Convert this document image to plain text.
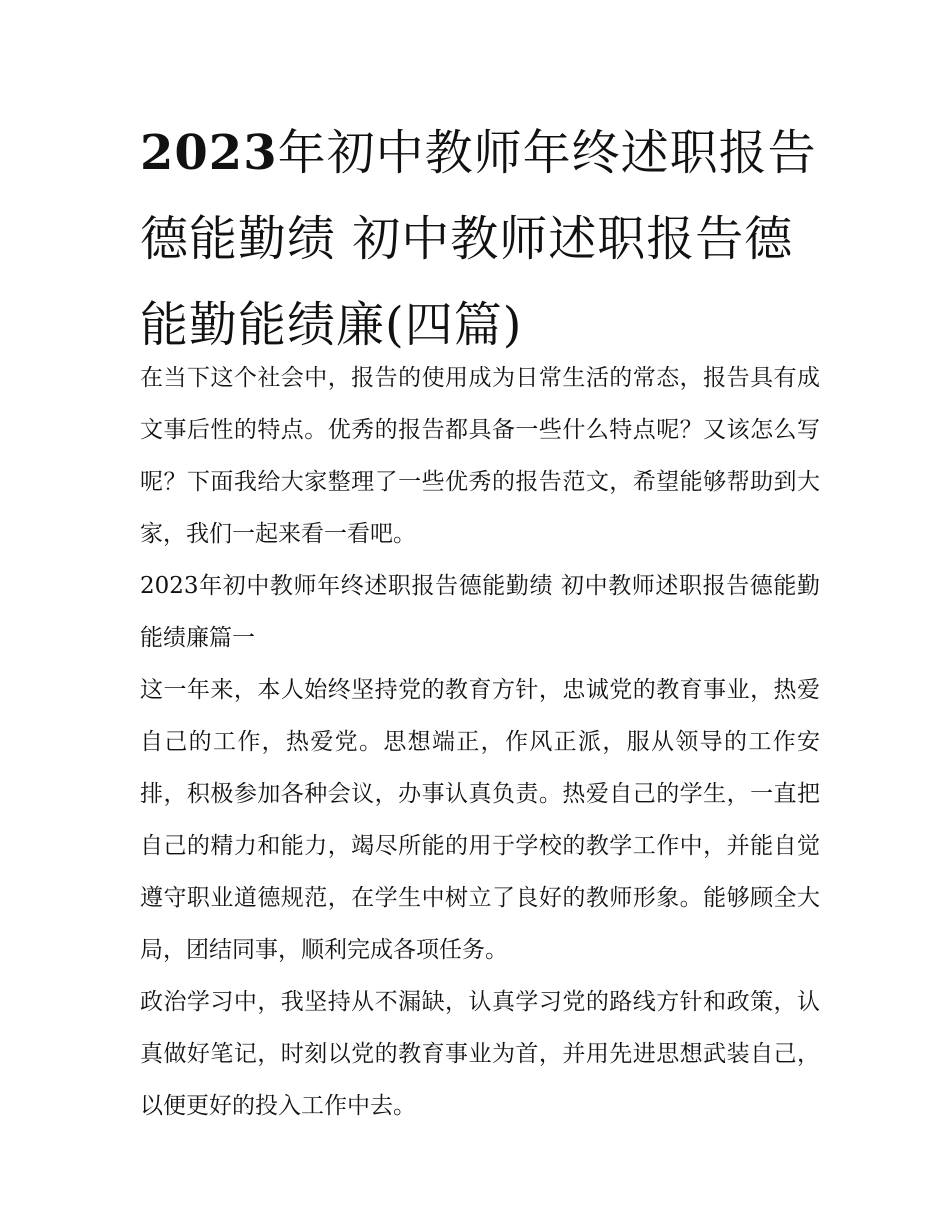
2023年初中教师年终述职报告德能勤绩 初中教师述职报告德能勤能绩廉(四篇)

在当下这个社会中，报告的使用成为日常生活的常态，报告具有成文事后性的特点。优秀的报告都具备一些什么特点呢？又该怎么写呢？下面我给大家整理了一些优秀的报告范文，希望能够帮助到大家，我们一起来看一看吧。

2023年初中教师年终述职报告德能勤绩 初中教师述职报告德能勤能绩廉篇一

这一年来，本人始终坚持党的教育方针，忠诚党的教育事业，热爱自己的工作，热爱党。思想端正，作风正派，服从领导的工作安排，积极参加各种会议，办事认真负责。热爱自己的学生，一直把自己的精力和能力，竭尽所能的用于学校的教学工作中，并能自觉遵守职业道德规范，在学生中树立了良好的教师形象。能够顾全大局，团结同事，顺利完成各项任务。

政治学习中，我坚持从不漏缺，认真学习党的路线方针和政策，认真做好笔记，时刻以党的教育事业为首，并用先进思想武装自己，以便更好的投入工作中去。
